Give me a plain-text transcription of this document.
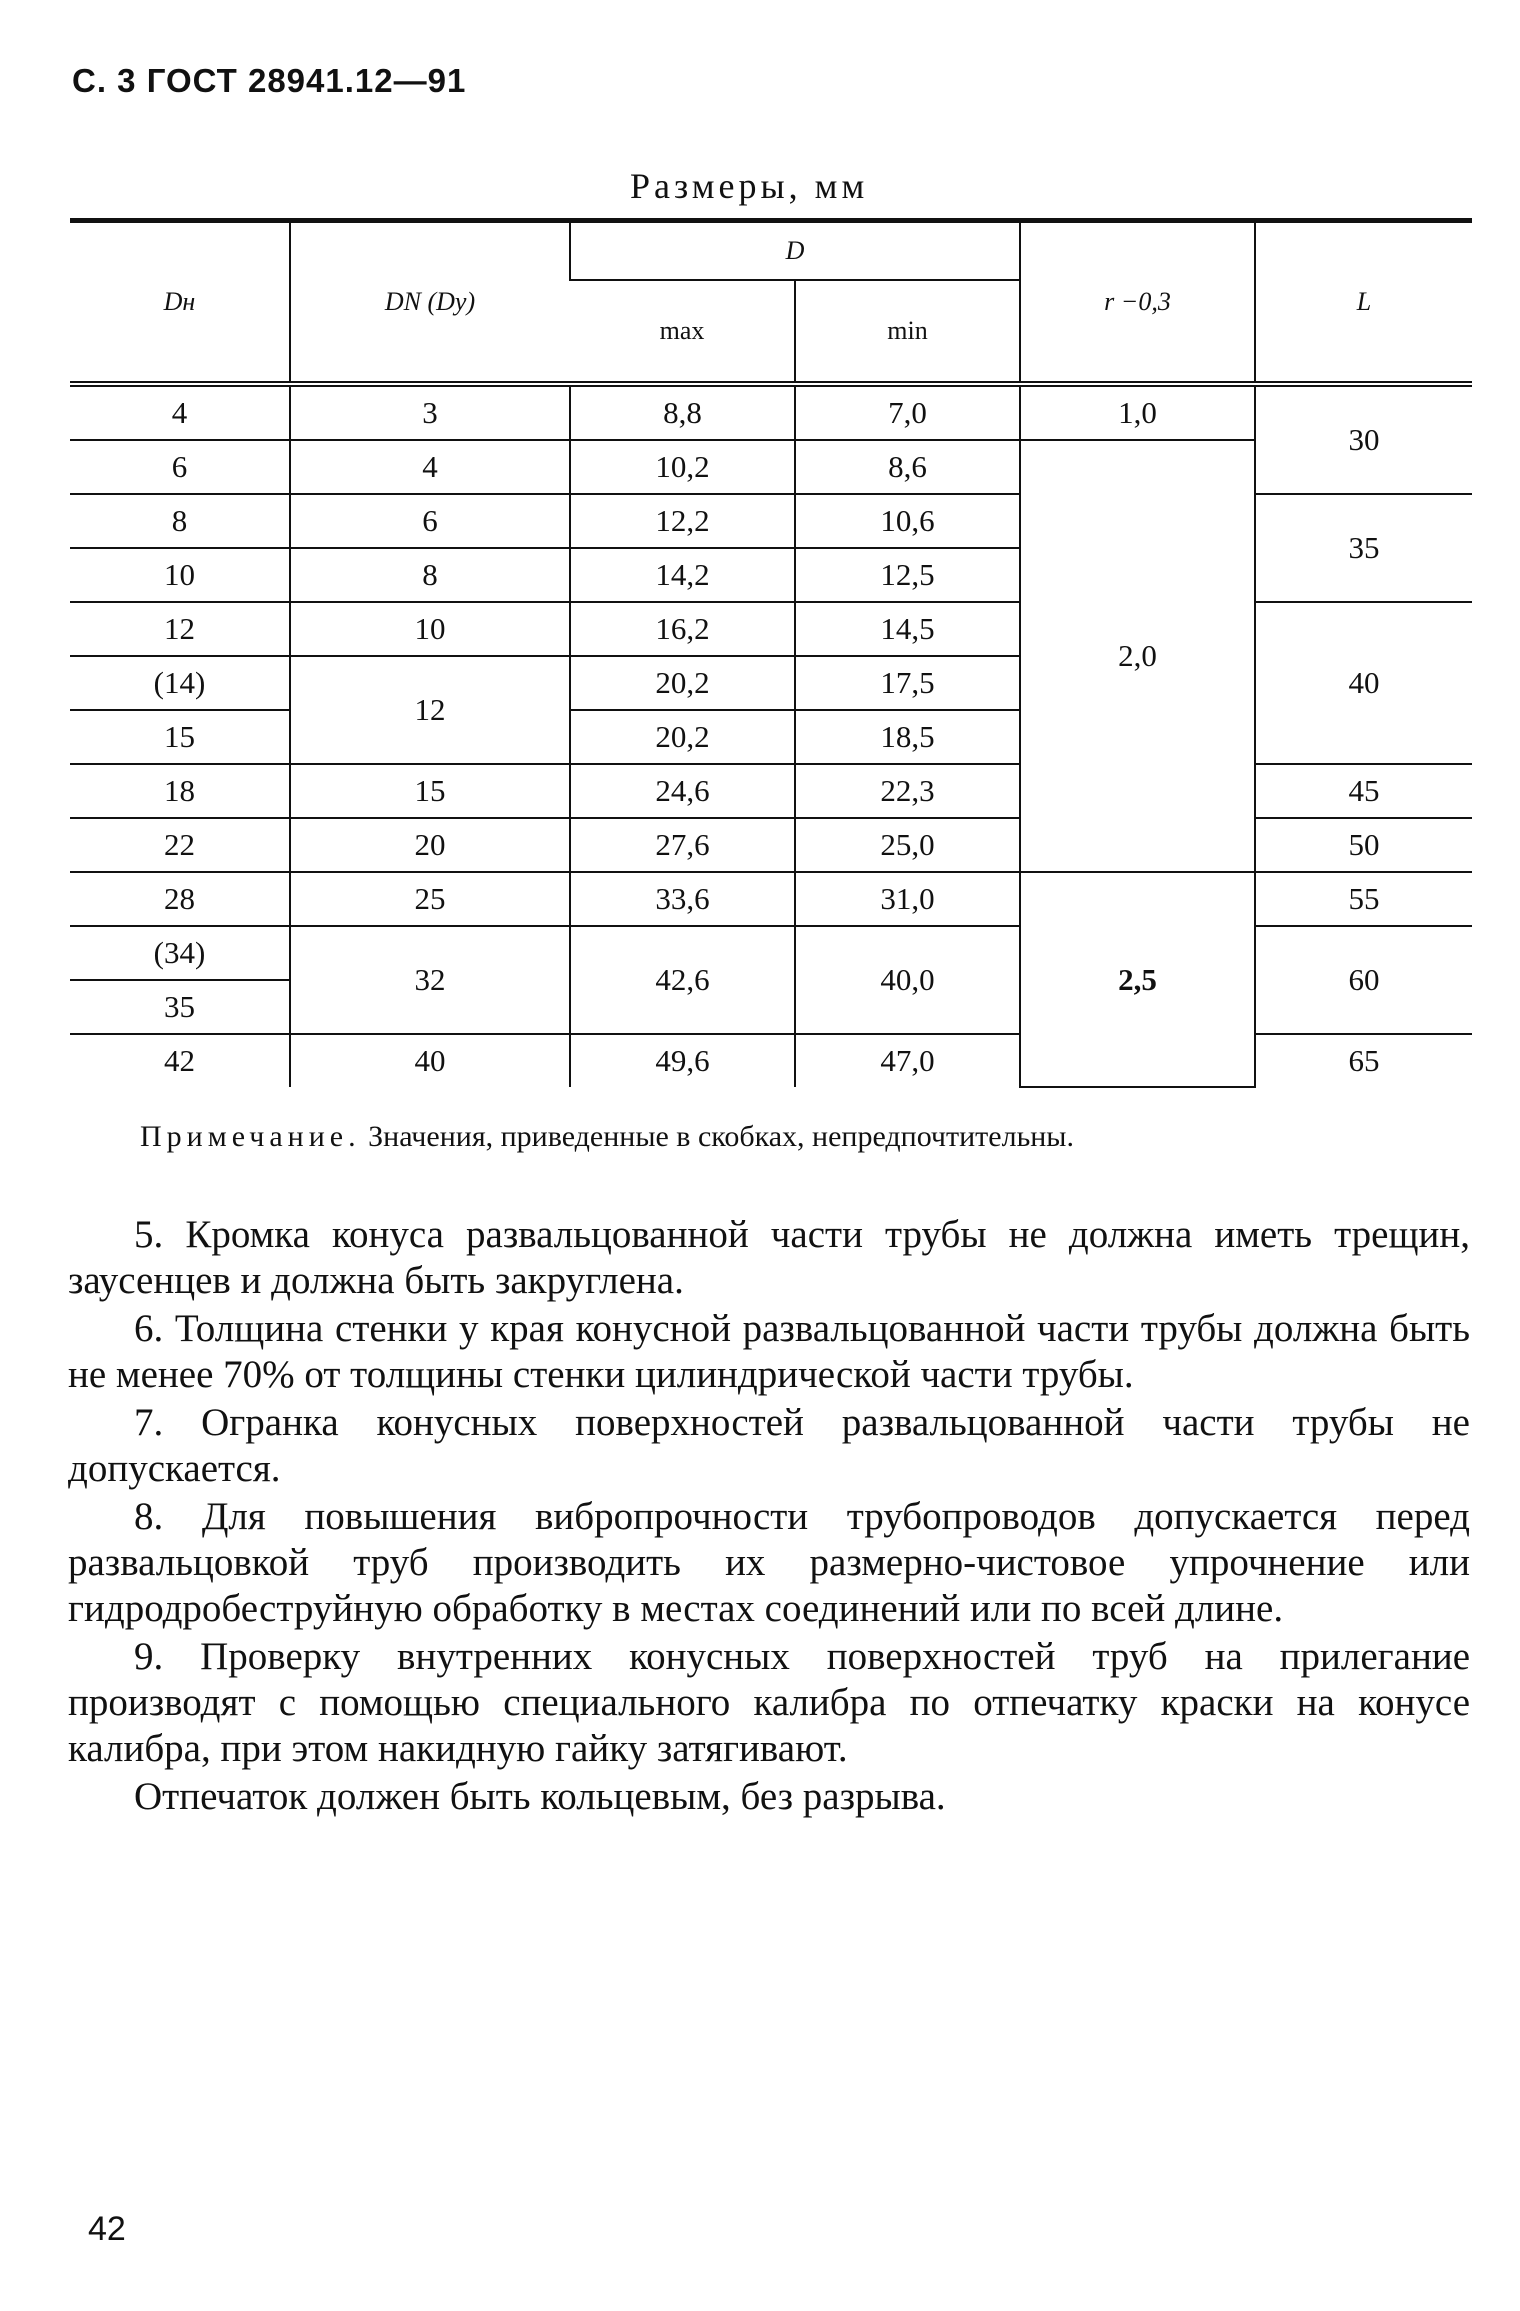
С. 3 ГОСТ 28941.12—91
Размеры, мм
Dн	DN (Dу)	D		r −0,3	L
		max	min		
4	3	8,8	7,0	1,0	30
6	4	10,2	8,6	2,0	
8	6	12,2	10,6		35
10	8	14,2	12,5		
12	10	16,2	14,5		40
(14)	12	20,2	17,5		
15		20,2	18,5		
18	15	24,6	22,3		45
22	20	27,6	25,0		50
28	25	33,6	31,0	2,5	55
(34)	32	42,6	40,0		60
35					
42	40	49,6	47,0		65
Примечание. Значения, приведенные в скобках, непредпочтительны.

5. Кромка конуса развальцованной части трубы не должна иметь трещин, заусенцев и должна быть закруглена.

6. Толщина стенки у края конусной развальцованной части трубы должна быть не менее 70% от толщины стенки цилиндрической части трубы.

7. Огранка конусных поверхностей развальцованной части трубы не допускается.

8. Для повышения вибропрочности трубопроводов допускается перед развальцовкой труб производить их размерно-чистовое упрочнение или гидродробеструйную обработку в местах соединений или по всей длине.

9. Проверку внутренних конусных поверхностей труб на прилегание производят с помощью специального калибра по отпечатку краски на конусе калибра, при этом накидную гайку затягивают.

Отпечаток должен быть кольцевым, без разрыва.

42
